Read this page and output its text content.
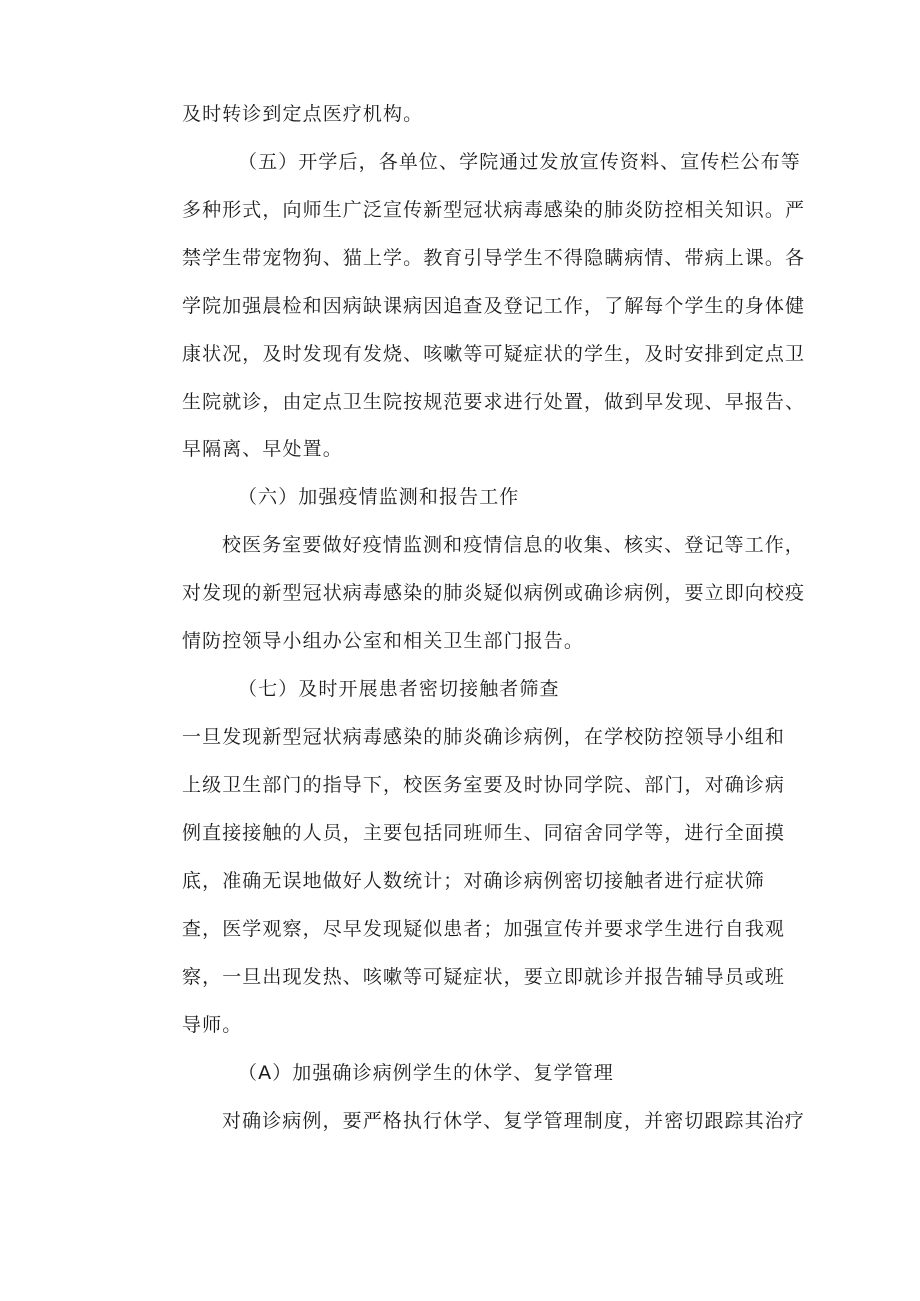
及时转诊到定点医疗机构。
（五）开学后，各单位、学院通过发放宣传资料、宣传栏公布等
多种形式，向师生广泛宣传新型冠状病毒感染的肺炎防控相关知识。严
禁学生带宠物狗、猫上学。教育引导学生不得隐瞒病情、带病上课。各
学院加强晨检和因病缺课病因追查及登记工作，了解每个学生的身体健
康状况，及时发现有发烧、咳嗽等可疑症状的学生，及时安排到定点卫
生院就诊，由定点卫生院按规范要求进行处置，做到早发现、早报告、
早隔离、早处置。
（六）加强疫情监测和报告工作
校医务室要做好疫情监测和疫情信息的收集、核实、登记等工作，
对发现的新型冠状病毒感染的肺炎疑似病例或确诊病例，要立即向校疫
情防控领导小组办公室和相关卫生部门报告。
（七）及时开展患者密切接触者筛查
一旦发现新型冠状病毒感染的肺炎确诊病例，在学校防控领导小组和
上级卫生部门的指导下，校医务室要及时协同学院、部门，对确诊病
例直接接触的人员，主要包括同班师生、同宿舍同学等，进行全面摸
底，准确无误地做好人数统计；对确诊病例密切接触者进行症状筛
查，医学观察，尽早发现疑似患者；加强宣传并要求学生进行自我观
察，一旦出现发热、咳嗽等可疑症状，要立即就诊并报告辅导员或班
导师。
（A）加强确诊病例学生的休学、复学管理
对确诊病例，要严格执行休学、复学管理制度，并密切跟踪其治疗
